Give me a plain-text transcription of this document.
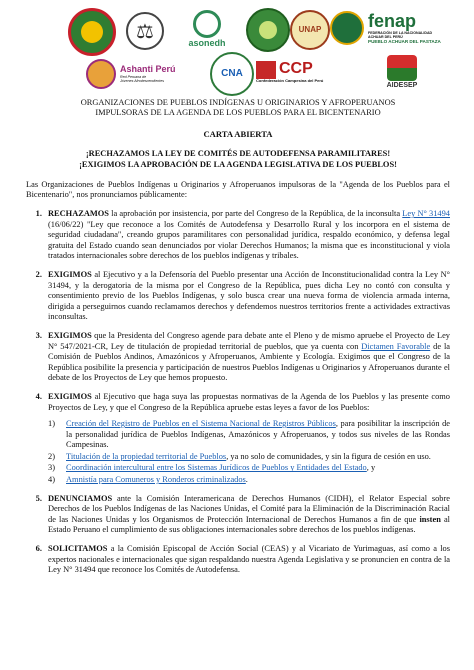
⚖
asonedh
UNAP	fenap
FEDERACIÓN DE LA NACIONALIDAD
ACHUAR DEL PERÚ
PUEBLO ACHUAR DEL PASTAZA
Ashanti Perú
Red Peruana de
Jóvenes Afrodescendientes
CNA CCP
Confederación Campesina del Perú
AIDESEP
ORGANIZACIONES DE PUEBLOS INDÍGENAS U ORIGINARIOS Y AFROPERUANOS
IMPULSORAS DE LA AGENDA DE LOS PUEBLOS PARA EL BICENTENARIO
CARTA ABIERTA
¡RECHAZAMOS LA LEY DE COMITÉS DE AUTODEFENSA PARAMILITARES!
¡EXIGIMOS LA APROBACIÓN DE LA AGENDA LEGISLATIVA DE LOS PUEBLOS!
Las Organizaciones de Pueblos Indígenas u Originarios y Afroperuanos impulsoras de la "Agenda de los Pueblos para el Bicentenario", nos pronunciamos públicamente:
1. RECHAZAMOS la aprobación por insistencia, por parte del Congreso de la República, de la inconsulta Ley N° 31494 (16/06/22) "Ley que reconoce a los Comités de Autodefensa y Desarrollo Rural y los incorpora en el sistema de seguridad ciudadana", creando grupos paramilitares con personalidad jurídica, respaldo económico, y defensa legal gratuita del Estado cuando sean denunciados por violar Derechos Humanos; la misma que es inconstitucional y viola tratados internacionales sobre derechos de los pueblos indígenas y tribales.
2. EXIGIMOS al Ejecutivo y a la Defensoría del Pueblo presentar una Acción de Inconstitucionalidad contra la Ley N° 31494, y la derogatoria de la misma por el Congreso de la República, pues dicha Ley no contó con consulta y consentimiento previo de los Pueblos Indígenas, y solo busca crear una nueva forma de violencia armada interna, dirigida a perseguirnos cuando reclamamos derechos y defendemos nuestros territorios frente a actividades extractivas inconsultas.
3. EXIGIMOS que la Presidenta del Congreso agende para debate ante el Pleno y de mismo apruebe el Proyecto de Ley N° 547/2021-CR, Ley de titulación de propiedad territorial de pueblos, que ya cuenta con Dictamen Favorable de la Comisión de Pueblos Andinos, Amazónicos y Afroperuanos, Ambiente y Ecología. Exigimos que el Congreso de la República posibilite la presencia y participación de nuestros Pueblos Indígenas u Originarios y Afroperuanos durante el debate de los Proyectos de Ley que hemos propuesto.
4. EXIGIMOS al Ejecutivo que haga suya las propuestas normativas de la Agenda de los Pueblos y las presente como Proyectos de Ley, y que el Congreso de la República apruebe estas leyes a favor de los Pueblos:
1) Creación del Registro de Pueblos en el Sistema Nacional de Registros Públicos, para posibilitar la inscripción de la personalidad jurídica de Pueblos Indígenas, Amazónicos y Afroperuanos, y todos sus niveles de las Rondas Campesinas.
2) Titulación de la propiedad territorial de Pueblos, ya no solo de comunidades, y sin la figura de cesión en uso.
3) Coordinación intercultural entre los Sistemas Jurídicos de Pueblos y Entidades del Estado, y
4) Amnistía para Comuneros y Ronderos criminalizados.
5. DENUNCIAMOS ante la Comisión Interamericana de Derechos Humanos (CIDH), el Relator Especial sobre Derechos de los Pueblos Indígenas de las Naciones Unidas, el Comité para la Eliminación de la Discriminación Racial de las Naciones Unidas y los Organismos de Protección Internacional de Derechos Humanos a fin de que insten al Estado Peruano el cumplimiento de sus obligaciones internacionales sobre derechos de los pueblos indígenas.
6. SOLICITAMOS a la Comisión Episcopal de Acción Social (CEAS) y al Vicariato de Yurimaguas, así como a los expertos nacionales e internacionales que sigan respaldando nuestra Agenda Legislativa y se pronuncien en contra de la Ley N° 31494 que reconoce los Comités de Autodefensa.
